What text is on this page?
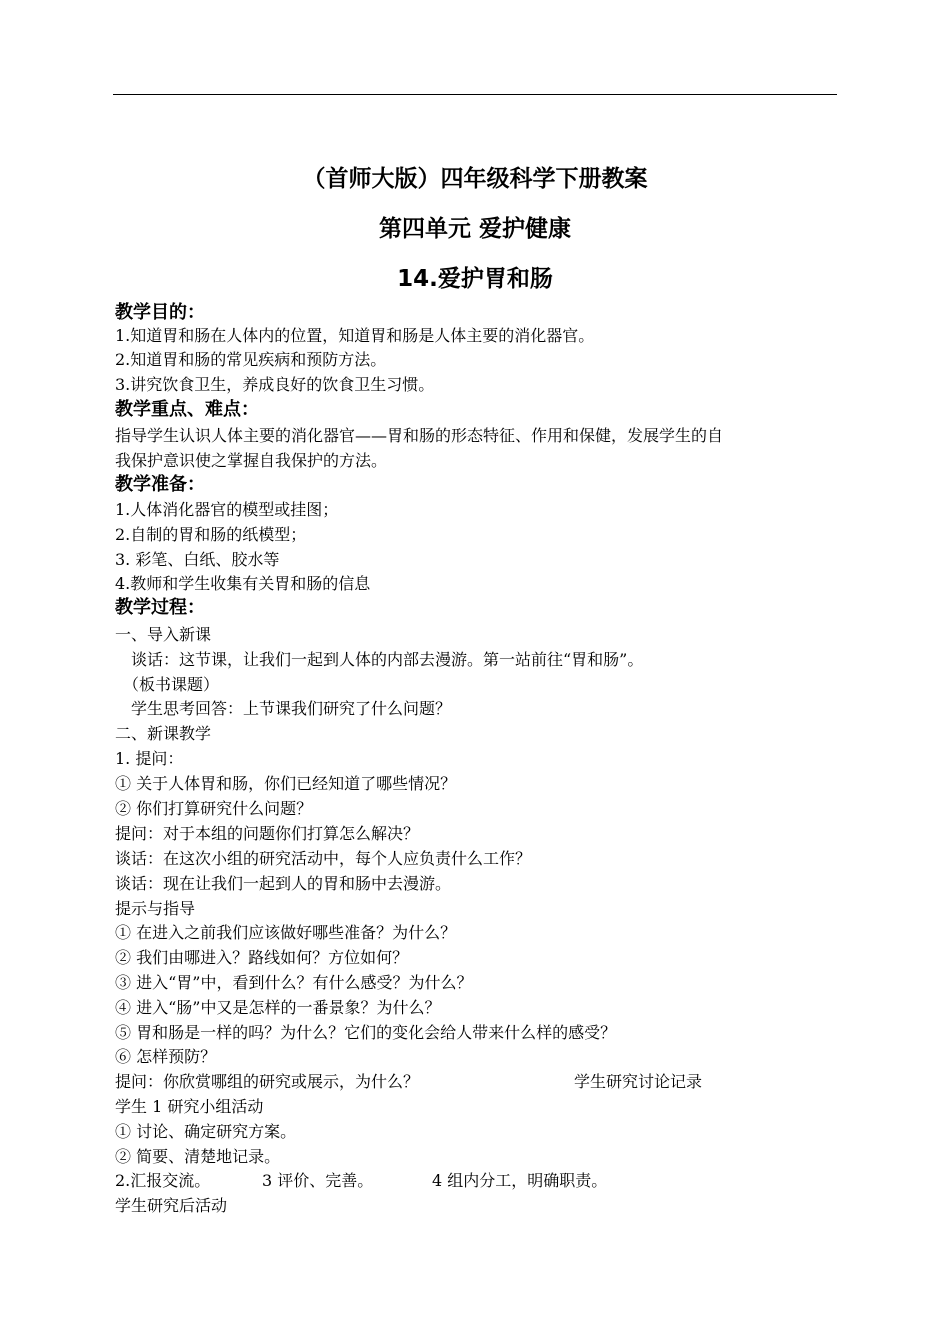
（首师大版）四年级科学下册教案
第四单元 爱护健康
14.爱护胃和肠
教学目的：
1.知道胃和肠在人体内的位置，知道胃和肠是人体主要的消化器官。
2.知道胃和肠的常见疾病和预防方法。
3.讲究饮食卫生，养成良好的饮食卫生习惯。
教学重点、难点：
指导学生认识人体主要的消化器官——胃和肠的形态特征、作用和保健，发展学生的自
我保护意识使之掌握自我保护的方法。
教学准备：
1.人体消化器官的模型或挂图；
2.自制的胃和肠的纸模型；
3. 彩笔、白纸、胶水等
4.教师和学生收集有关胃和肠的信息
教学过程：
一、导入新课
　谈话：这节课，让我们一起到人体的内部去漫游。第一站前往“胃和肠”。
　（板书课题）
　学生思考回答：上节课我们研究了什么问题？
二、新课教学
1. 提问：
① 关于人体胃和肠，你们已经知道了哪些情况？
② 你们打算研究什么问题？
提问：对于本组的问题你们打算怎么解决？
谈话：在这次小组的研究活动中，每个人应负责什么工作？
谈话：现在让我们一起到人的胃和肠中去漫游。
提示与指导
① 在进入之前我们应该做好哪些准备？为什么？
② 我们由哪进入？路线如何？方位如何？
③ 进入“胃”中，看到什么？有什么感受？为什么？
④ 进入“肠”中又是怎样的一番景象？为什么？
⑤ 胃和肠是一样的吗？为什么？它们的变化会给人带来什么样的感受？
⑥ 怎样预防？
提问：你欣赏哪组的研究或展示，为什么？	学生研究讨论记录
学生 1 研究小组活动
① 讨论、确定研究方案。
② 简要、清楚地记录。
2.汇报交流。	3 评价、完善。	4 组内分工，明确职责。
学生研究后活动
